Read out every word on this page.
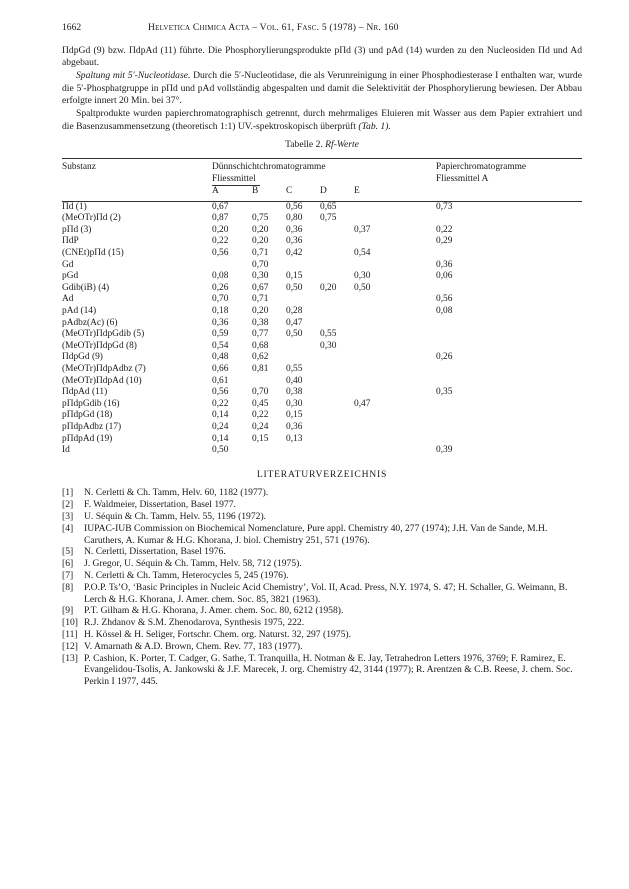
1662	Helvetica Chimica Acta – Vol. 61, Fasc. 5 (1978) – Nr. 160

ΠdpGd (9) bzw. ΠdpAd (11) führte. Die Phosphorylierungsprodukte pΠd (3) und pAd (14) wurden zu den Nucleosiden Πd und Ad abgebaut.

Spaltung mit 5′-Nucleotidase. Durch die 5′-Nucleotidase, die als Verunreinigung in einer Phosphodiesterase I enthalten war, wurde die 5′-Phosphatgruppe in pΠd und pAd vollständig abgespalten und damit die Selektivität der Phosphorylierung bewiesen. Der Abbau erfolgte innert 20 Min. bei 37°.

Spaltprodukte wurden papierchromatographisch getrennt, durch mehrmaliges Eluieren mit Wasser aus dem Papier extrahiert und die Basenzusammensetzung (theoretisch 1:1) UV.-spektroskopisch überprüft (Tab. 1).

Tabelle 2. Rf-Werte

Substanz	Dünnschichtchromatogramme					Papierchromatogramme
	Fliessmittel					Fliessmittel A
	A	B	C	D	E	

Πd (1)	0,67		0,56	0,65		0,73
(MeOTr)Πd (2)	0,87	0,75	0,80	0,75		
pΠd (3)	0,20	0,20	0,36		0,37	0,22
ΠdP	0,22	0,20	0,36			0,29
(CNEt)pΠd (15)	0,56	0,71	0,42		0,54	
Gd		0,70				0,36
pGd	0,08	0,30	0,15		0,30	0,06
Gdib(iB) (4)	0,26	0,67	0,50	0,20	0,50	
Ad	0,70	0,71				0,56
pAd (14)	0,18	0,20	0,28			0,08
pAdbz(Ac) (6)	0,36	0,38	0,47			
(MeOTr)ΠdpGdib (5)	0,59	0,77	0,50	0,55		
(MeOTr)ΠdpGd (8)	0,54	0,68		0,30		
ΠdpGd (9)	0,48	0,62				0,26
(MeOTr)ΠdpAdbz (7)	0,66	0,81	0,55			
(MeOTr)ΠdpAd (10)	0,61		0,40			
ΠdpAd (11)	0,56	0,70	0,38			0,35
pΠdpGdib (16)	0,22	0,45	0,30		0,47	
pΠdpGd (18)	0,14	0,22	0,15			
pΠdpAdbz (17)	0,24	0,24	0,36			
pΠdpAd (19)	0,14	0,15	0,13			
Id	0,50					0,39
LITERATURVERZEICHNIS
[1]	N. Cerletti & Ch. Tamm, Helv. 60, 1182 (1977).
[2]	F. Waldmeier, Dissertation, Basel 1977.
[3]	U. Séquin & Ch. Tamm, Helv. 55, 1196 (1972).
[4]	IUPAC-IUB Commission on Biochemical Nomenclature, Pure appl. Chemistry 40, 277 (1974); J.H. Van de Sande, M.H. Caruthers, A. Kumar & H.G. Khorana, J. biol. Chemistry 251, 571 (1976).
[5]	N. Cerletti, Dissertation, Basel 1976.
[6]	J. Gregor, U. Séquin & Ch. Tamm, Helv. 58, 712 (1975).
[7]	N. Cerletti & Ch. Tamm, Heterocycles 5, 245 (1976).
[8]	P.O.P. Ts’O, ‘Basic Principles in Nucleic Acid Chemistry’, Vol. II, Acad. Press, N.Y. 1974, S. 47; H. Schaller, G. Weimann, B. Lerch & H.G. Khorana, J. Amer. chem. Soc. 85, 3821 (1963).
[9]	P.T. Gilham & H.G. Khorana, J. Amer. chem. Soc. 80, 6212 (1958).
[10] R.J. Zhdanov & S.M. Zhenodarova, Synthesis 1975, 222.
[11] H. Kössel & H. Seliger, Fortschr. Chem. org. Naturst. 32, 297 (1975).
[12] V. Amarnath & A.D. Brown, Chem. Rev. 77, 183 (1977).
[13] P. Cashion, K. Porter, T. Cadger, G. Sathe, T. Tranquilla, H. Notman & E. Jay, Tetrahedron Letters 1976, 3769; F. Ramirez, E. Evangelidou-Tsolis, A. Jankowski & J.F. Marecek, J. org. Chemistry 42, 3144 (1977); R. Arentzen & C.B. Reese, J. chem. Soc. Perkin I 1977, 445.
